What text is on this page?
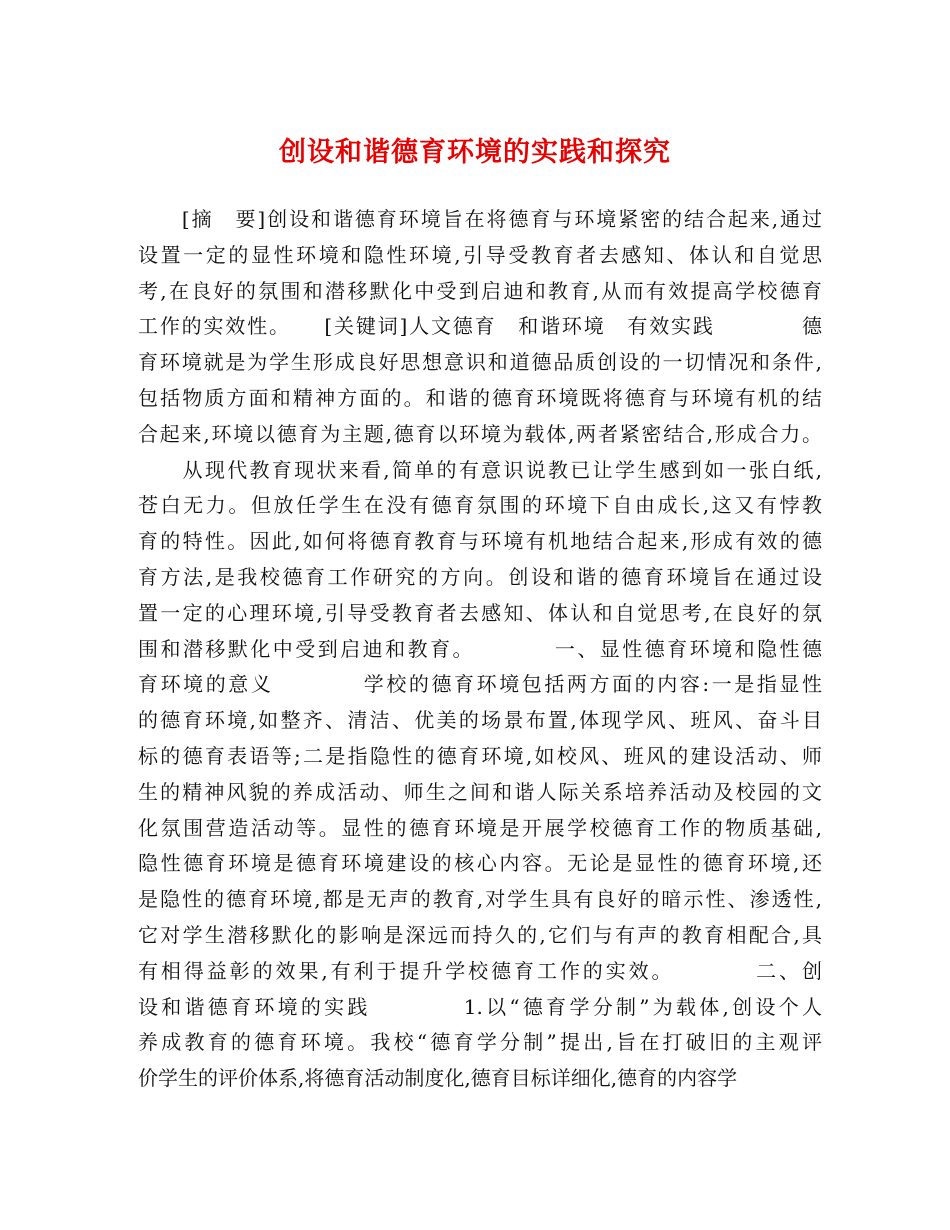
创设和谐德育环境的实践和探究
　　[摘　要]创设和谐德育环境旨在将德育与环境紧密的结合起来,通过
设置一定的显性环境和隐性环境,引导受教育者去感知、体认和自觉思
考,在良好的氛围和潜移默化中受到启迪和教育,从而有效提高学校德育
工作的实效性。　　[关键词]人文德育　和谐环境　有效实践　　　　德
育环境就是为学生形成良好思想意识和道德品质创设的一切情况和条件,
包括物质方面和精神方面的。和谐的德育环境既将德育与环境有机的结
合起来,环境以德育为主题,德育以环境为载体,两者紧密结合,形成合力。
　　从现代教育现状来看,简单的有意识说教已让学生感到如一张白纸,
苍白无力。但放任学生在没有德育氛围的环境下自由成长,这又有悖教
育的特性。因此,如何将德育教育与环境有机地结合起来,形成有效的德
育方法,是我校德育工作研究的方向。创设和谐的德育环境旨在通过设
置一定的心理环境,引导受教育者去感知、体认和自觉思考,在良好的氛
围和潜移默化中受到启迪和教育。　　　　一、显性德育环境和隐性德
育环境的意义　　　　学校的德育环境包括两方面的内容:一是指显性
的德育环境,如整齐、清洁、优美的场景布置,体现学风、班风、奋斗目
标的德育表语等;二是指隐性的德育环境,如校风、班风的建设活动、师
生的精神风貌的养成活动、师生之间和谐人际关系培养活动及校园的文
化氛围营造活动等。显性的德育环境是开展学校德育工作的物质基础,
隐性德育环境是德育环境建设的核心内容。无论是显性的德育环境,还
是隐性的德育环境,都是无声的教育,对学生具有良好的暗示性、渗透性,
它对学生潜移默化的影响是深远而持久的,它们与有声的教育相配合,具
有相得益彰的效果,有利于提升学校德育工作的实效。　　　　二、创
设和谐德育环境的实践　　　　1.以“德育学分制”为载体,创设个人
养成教育的德育环境。我校“德育学分制”提出,旨在打破旧的主观评
价学生的评价体系,将德育活动制度化,德育目标详细化,德育的内容学
